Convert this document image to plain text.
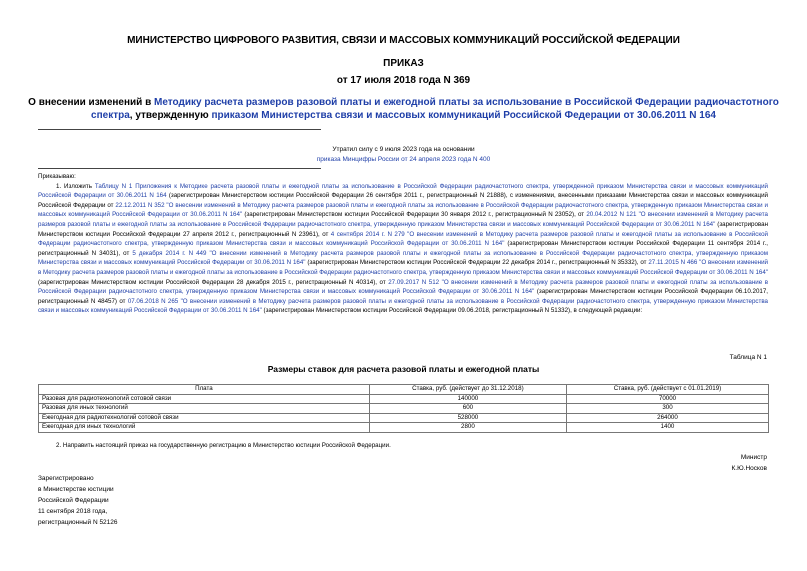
МИНИСТЕРСТВО ЦИФРОВОГО РАЗВИТИЯ, СВЯЗИ И МАССОВЫХ КОММУНИКАЦИЙ РОССИЙСКОЙ ФЕДЕРАЦИИ
ПРИКАЗ
от 17 июля 2018 года N 369
О внесении изменений в Методику расчета размеров разовой платы и ежегодной платы за использование в Российской Федерации радиочастотного спектра, утвержденную приказом Министерства связи и массовых коммуникаций Российской Федерации от 30.06.2011 N 164
Утратил силу с 9 июля 2023 года на основании
приказа Минцифры России от 24 апреля 2023 года N 400

Приказываю:

1. Изложить Таблицу N 1 Приложения к Методике расчета разовой платы и ежегодной платы за использование в Российской Федерации радиочастотного спектра, утвержденной приказом Министерства связи и массовых коммуникаций Российской Федерации от 30.06.2011 N 164 (зарегистрирован Министерством юстиции Российской Федерации 26 сентября 2011 г., регистрационный N 21888), с изменениями, внесенными приказами Министерства связи и массовых коммуникаций Российской Федерации от 22.12.2011 N 352 "О внесении изменений в Методику расчета размеров разовой платы и ежегодной платы за использование в Российской Федерации радиочастотного спектра, утвержденную приказом Министерства связи и массовых коммуникаций Российской Федерации от 30.06.2011 N 164" (зарегистрирован Министерством юстиции Российской Федерации 30 января 2012 г., регистрационный N 23052), от 20.04.2012 N 121 "О внесении изменений в Методику расчета размеров разовой платы и ежегодной платы за использование в Российской Федерации радиочастотного спектра, утвержденную приказом Министерства связи и массовых коммуникаций Российской Федерации от 30.06.2011 N 164" (зарегистрирован Министерством юстиции Российской Федерации 27 апреля 2012 г., регистрационный N 23961), от 4 сентября 2014 г. N 279 "О внесении изменений в Методику расчета размеров разовой платы и ежегодной платы за использование в Российской Федерации радиочастотного спектра, утвержденную приказом Министерства связи и массовых коммуникаций Российской Федерации от 30.06.2011 N 164" (зарегистрирован Министерством юстиции Российской Федерации 11 сентября 2014 г., регистрационный N 34031), от 5 декабря 2014 г. N 449 "О внесении изменений в Методику расчета размеров разовой платы и ежегодной платы за использование в Российской Федерации радиочастотного спектра, утвержденную приказом Министерства связи и массовых коммуникаций Российской Федерации от 30.06.2011 N 164" (зарегистрирован Министерством юстиции Российской Федерации 22 декабря 2014 г., регистрационный N 35332), от 27.11.2015 N 466 "О внесении изменений в Методику расчета размеров разовой платы и ежегодной платы за использование в Российской Федерации радиочастотного спектра, утвержденную приказом Министерства связи и массовых коммуникаций Российской Федерации от 30.06.2011 N 164" (зарегистрирован Министерством юстиции Российской Федерации 28 декабря 2015 г., регистрационный N 40314), от 27.09.2017 N 512 "О внесении изменений в Методику расчета размеров разовой платы и ежегодной платы за использование в Российской Федерации радиочастотного спектра, утвержденную приказом Министерства связи и массовых коммуникаций Российской Федерации от 30.06.2011 N 164" (зарегистрирован Министерством юстиции Российской Федерации 06.10.2017, регистрационный N 48457) от 07.06.2018 N 265 "О внесении изменений в Методику расчета размеров разовой платы и ежегодной платы за использование в Российской Федерации радиочастотного спектра, утвержденную приказом Министерства связи и массовых коммуникаций Российской Федерации от 30.06.2011 N 164" (зарегистрирован Министерством юстиции Российской Федерации 09.06.2018, регистрационный N 51332), в следующей редакции:

Таблица N 1
Размеры ставок для расчета разовой платы и ежегодной платы
Плата	Ставка, руб. (действует до 31.12.2018)	Ставка, руб. (действует с 01.01.2019)
Разовая для радиотехнологий сотовой связи	140000	70000
Разовая для иных технологий	600	300
Ежегодная для радиотехнологий сотовой связи	528000	264000
Ежегодная для иных технологий	2800	1400
2. Направить настоящий приказ на государственную регистрацию в Министерство юстиции Российской Федерации.
Министр
К.Ю.Носков
Зарегистрировано
в Министерстве юстиции
Российской Федерации
11 сентября 2018 года,
регистрационный N 52126
